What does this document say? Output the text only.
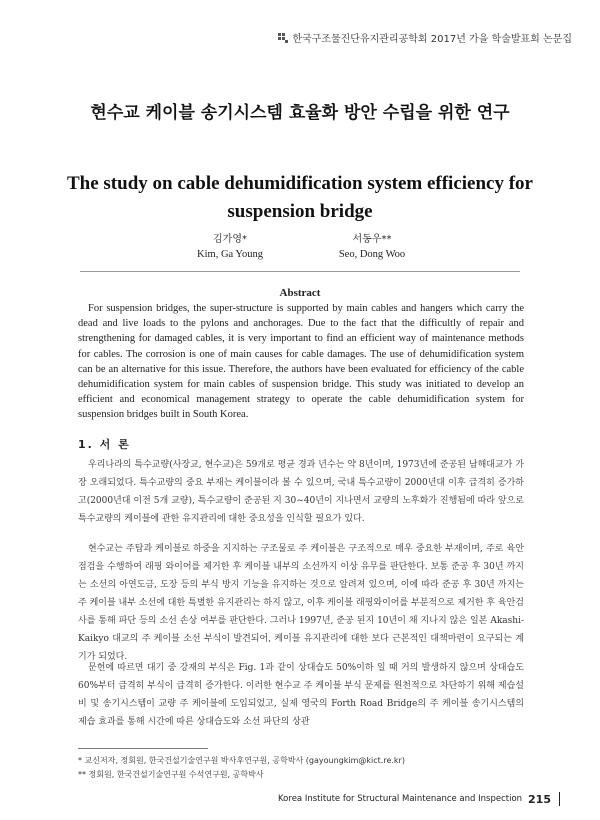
한국구조물진단유지관리공학회 2017년 가을 학술발표회 논문집
현수교 케이블 송기시스템 효율화 방안 수립을 위한 연구
The study on cable dehumidification system efficiency for suspension bridge
김가영*
Kim, Ga Young
서동우**
Seo, Dong Woo
Abstract
For suspension bridges, the super-structure is supported by main cables and hangers which carry the dead and live loads to the pylons and anchorages. Due to the fact that the difficultly of repair and strengthening for damaged cables, it is very important to find an efficient way of maintenance methods for cables. The corrosion is one of main causes for cable damages. The use of dehumidification system can be an alternative for this issue. Therefore, the authors have been evaluated for efficiency of the cable dehumidification system for main cables of suspension bridge. This study was initiated to develop an efficient and economical management strategy to operate the cable dehumidification system for suspension bridges built in South Korea.
1. 서 론

우리나라의 특수교량(사장교, 현수교)은 59개로 평균 경과 년수는 약 8년이며, 1973년에 준공된 남해대교가 가장 오래되었다. 특수교량의 중요 부재는 케이블이라 볼 수 있으며, 국내 특수교량이 2000년대 이후 급격히 증가하고(2000년대 이전 5개 교량), 특수교량이 준공된 지 30~40년이 지나면서 교량의 노후화가 진행됨에 따라 앞으로 특수교량의 케이블에 관한 유지관리에 대한 중요성을 인식할 필요가 있다.

현수교는 주탑과 케이블로 하중을 지지하는 구조물로 주 케이블은 구조적으로 매우 중요한 부재이며, 주로 육안점검을 수행하여 래핑 와이어를 제거한 후 케이블 내부의 소선까지 이상 유무를 판단한다. 보통 준공 후 30년 까지는 소선의 아연도금, 도장 등의 부식 방지 기능을 유지하는 것으로 알려져 있으며, 이에 따라 준공 후 30년 까지는 주 케이블 내부 소선에 대한 특별한 유지관리는 하지 않고, 이후 케이블 래핑와이어를 부분적으로 제거한 후 육안검사를 통해 파단 등의 소선 손상 여부를 판단한다. 그러나 1997년, 준공 된지 10년이 채 지나지 않은 일본 Akashi-Kaikyo 대교의 주 케이블 소선 부식이 발견되어, 케이블 유지관리에 대한 보다 근본적인 대책마련이 요구되는 계기가 되었다.

문헌에 따르면 대기 중 강재의 부식은 Fig. 1과 같이 상대습도 50%이하 일 때 거의 발생하지 않으며 상대습도 60%부터 급격히 부식이 급격히 증가한다. 이러한 현수교 주 케이블 부식 문제를 원천적으로 차단하기 위해 제습설비 및 송기시스템이 교량 주 케이블에 도입되었고, 실제 영국의 Forth Road Bridge의 주 케이블 송기시스템의 제습 효과를 통해 시간에 따른 상대습도와 소선 파단의 상관

* 교신저자, 정회원, 한국건설기술연구원 박사후연구원, 공학박사 (gayoungkim@kict.re.kr)
** 정회원, 한국건설기술연구원 수석연구원, 공학박사
Korea Institute for Structural Maintenance and Inspection 215
